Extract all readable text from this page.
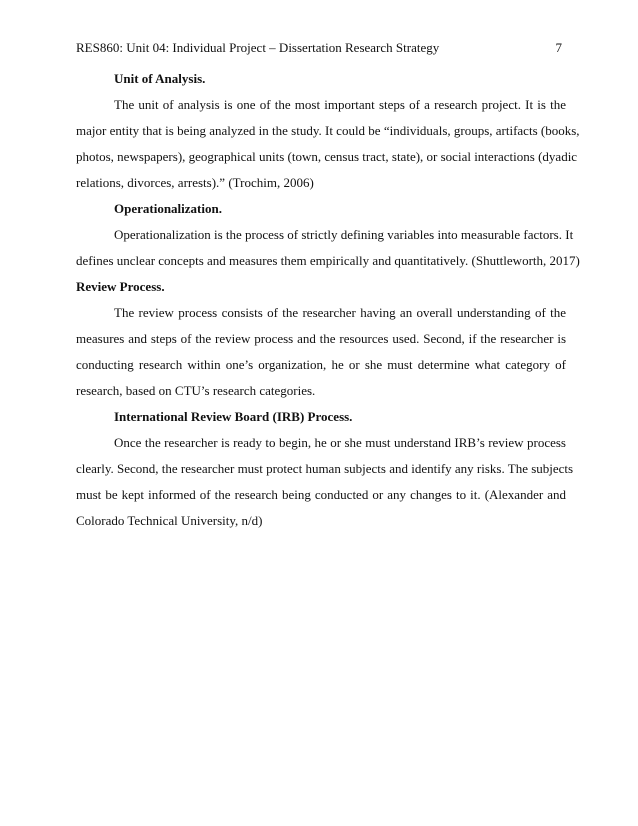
RES860: Unit 04: Individual Project – Dissertation Research Strategy	7
Unit of Analysis.
The unit of analysis is one of the most important steps of a research project. It is the
major entity that is being analyzed in the study. It could be “individuals, groups, artifacts (books,
photos, newspapers), geographical units (town, census tract, state), or social interactions (dyadic
relations, divorces, arrests).” (Trochim, 2006)
Operationalization.
Operationalization is the process of strictly defining variables into measurable factors. It
defines unclear concepts and measures them empirically and quantitatively. (Shuttleworth, 2017)
Review Process.
The review process consists of the researcher having an overall understanding of the
measures and steps of the review process and the resources used. Second, if the researcher is
conducting research within one’s organization, he or she must determine what category of
research, based on CTU’s research categories.
International Review Board (IRB) Process.
Once the researcher is ready to begin, he or she must understand IRB’s review process
clearly. Second, the researcher must protect human subjects and identify any risks. The subjects
must be kept informed of the research being conducted or any changes to it. (Alexander and
Colorado Technical University, n/d)
